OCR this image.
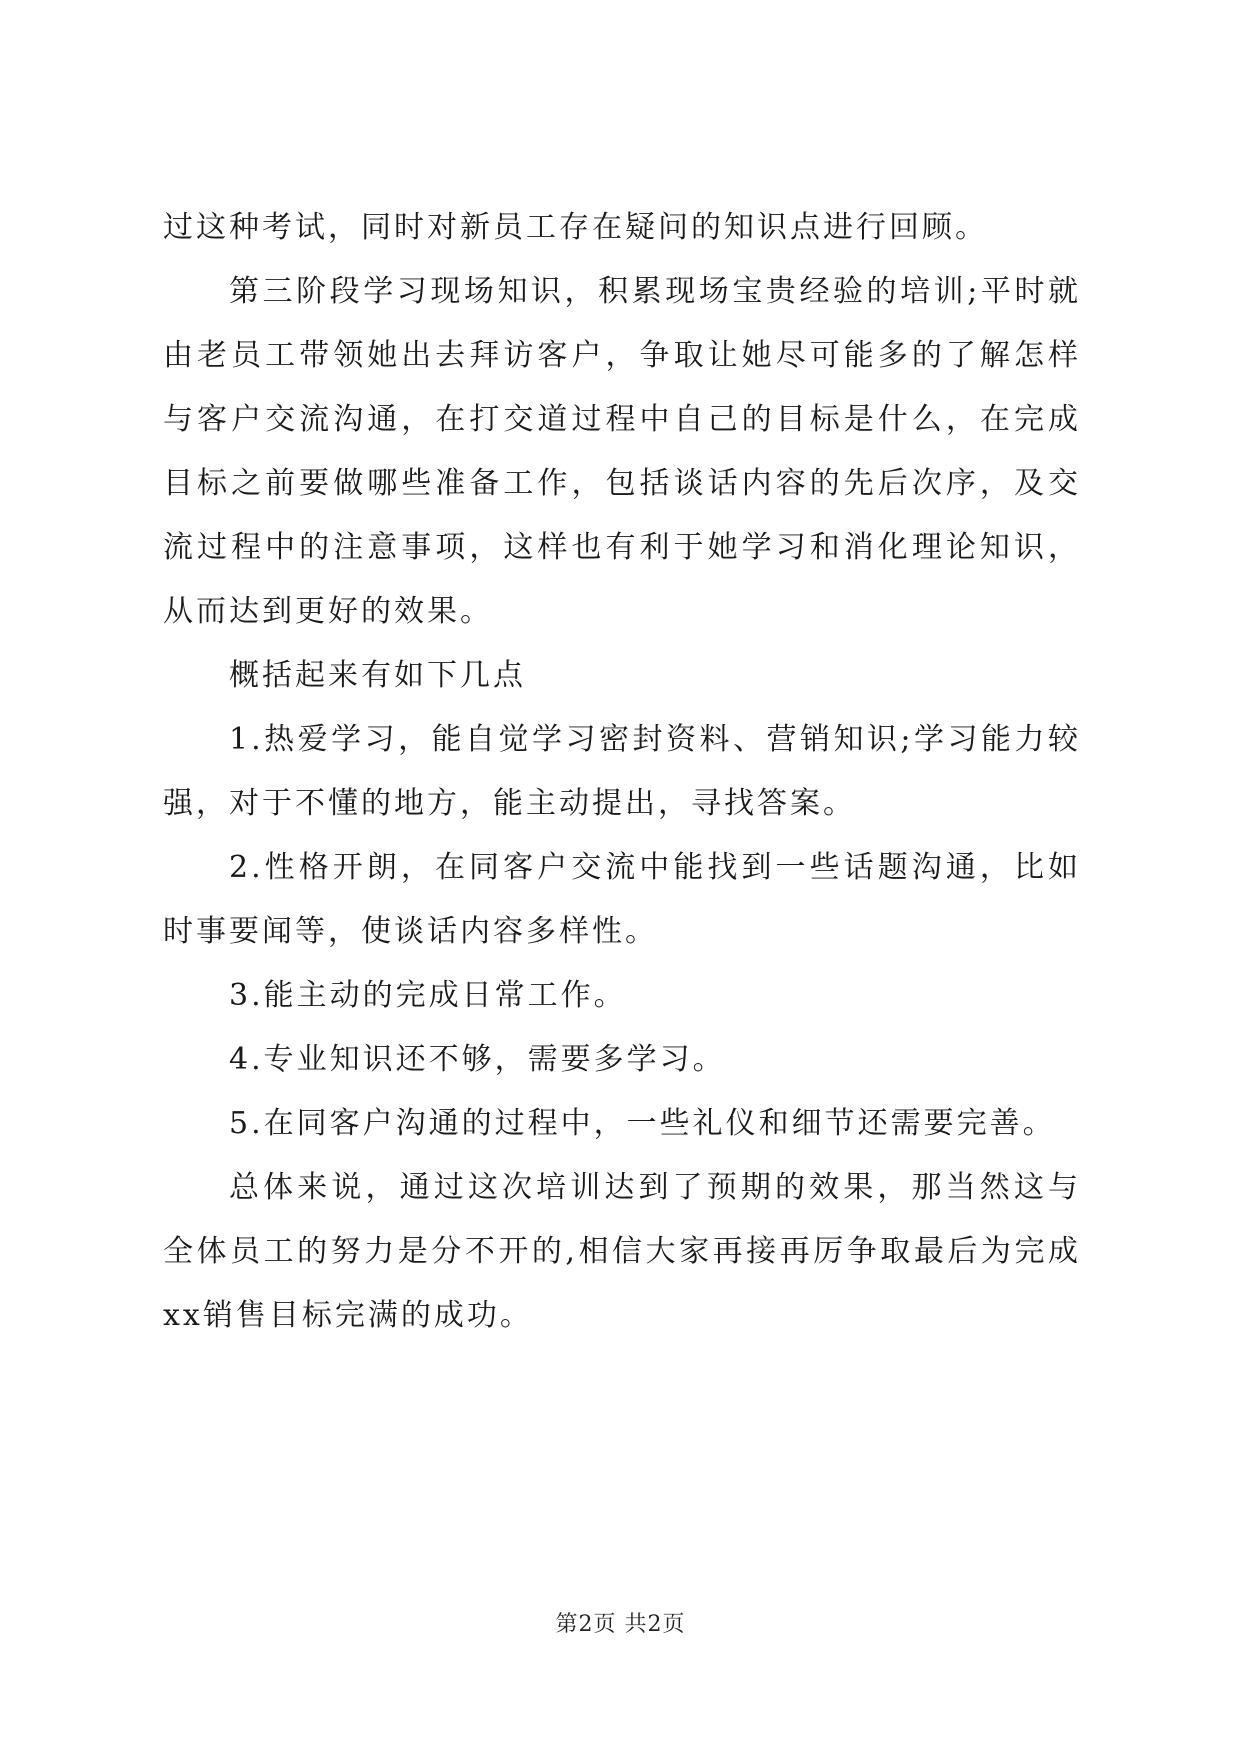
过这种考试，同时对新员工存在疑问的知识点进行回顾。

第三阶段学习现场知识，积累现场宝贵经验的培训;平时就由老员工带领她出去拜访客户，争取让她尽可能多的了解怎样与客户交流沟通，在打交道过程中自己的目标是什么，在完成目标之前要做哪些准备工作，包括谈话内容的先后次序，及交流过程中的注意事项，这样也有利于她学习和消化理论知识，从而达到更好的效果。

概括起来有如下几点

1.热爱学习，能自觉学习密封资料、营销知识;学习能力较强，对于不懂的地方，能主动提出，寻找答案。

2.性格开朗，在同客户交流中能找到一些话题沟通，比如时事要闻等，使谈话内容多样性。

3.能主动的完成日常工作。

4.专业知识还不够，需要多学习。

5.在同客户沟通的过程中，一些礼仪和细节还需要完善。

总体来说，通过这次培训达到了预期的效果，那当然这与全体员工的努力是分不开的,相信大家再接再厉争取最后为完成xx销售目标完满的成功。

第2页 共2页
